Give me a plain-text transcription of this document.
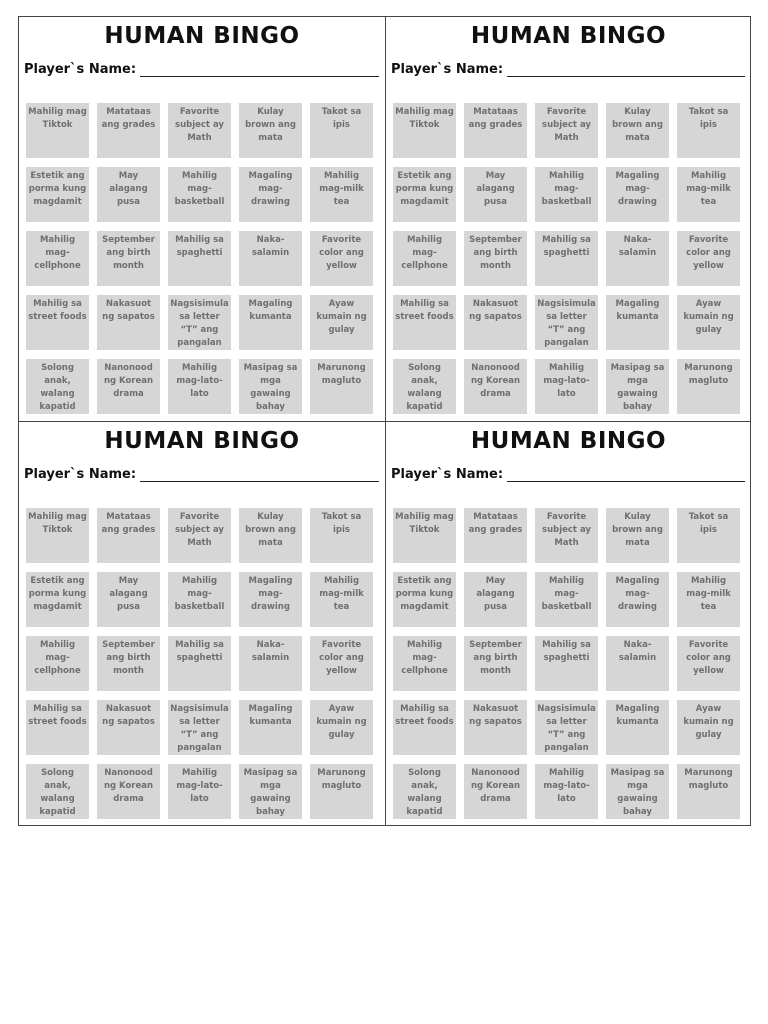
HUMAN BINGO
Player`s Name:
Mahilig mag Tiktok
Matataas ang grades
Favorite subject ay Math
Kulay brown ang mata
Takot sa ipis
Estetik ang porma kung magdamit
May alagang pusa
Mahilig mag-basketball
Magaling mag-drawing
Mahilig mag-milk tea
Mahilig mag-cellphone
September ang birth month
Mahilig sa spaghetti
Naka-salamin
Favorite color ang yellow
Mahilig sa street foods
Nakasuot ng sapatos
Nagsisimula sa letter “T” ang pangalan
Magaling kumanta
Ayaw kumain ng gulay
Solong anak, walang kapatid
Nanonood ng Korean drama
Mahilig mag-lato-lato
Masipag sa mga gawaing bahay
Marunong magluto
HUMAN BINGO
Player`s Name:
Mahilig mag Tiktok
Matataas ang grades
Favorite subject ay Math
Kulay brown ang mata
Takot sa ipis
Estetik ang porma kung magdamit
May alagang pusa
Mahilig mag-basketball
Magaling mag-drawing
Mahilig mag-milk tea
Mahilig mag-cellphone
September ang birth month
Mahilig sa spaghetti
Naka-salamin
Favorite color ang yellow
Mahilig sa street foods
Nakasuot ng sapatos
Nagsisimula sa letter “T” ang pangalan
Magaling kumanta
Ayaw kumain ng gulay
Solong anak, walang kapatid
Nanonood ng Korean drama
Mahilig mag-lato-lato
Masipag sa mga gawaing bahay
Marunong magluto
HUMAN BINGO
Player`s Name:
Mahilig mag Tiktok
Matataas ang grades
Favorite subject ay Math
Kulay brown ang mata
Takot sa ipis
Estetik ang porma kung magdamit
May alagang pusa
Mahilig mag-basketball
Magaling mag-drawing
Mahilig mag-milk tea
Mahilig mag-cellphone
September ang birth month
Mahilig sa spaghetti
Naka-salamin
Favorite color ang yellow
Mahilig sa street foods
Nakasuot ng sapatos
Nagsisimula sa letter “T” ang pangalan
Magaling kumanta
Ayaw kumain ng gulay
Solong anak, walang kapatid
Nanonood ng Korean drama
Mahilig mag-lato-lato
Masipag sa mga gawaing bahay
Marunong magluto
HUMAN BINGO
Player`s Name:
Mahilig mag Tiktok
Matataas ang grades
Favorite subject ay Math
Kulay brown ang mata
Takot sa ipis
Estetik ang porma kung magdamit
May alagang pusa
Mahilig mag-basketball
Magaling mag-drawing
Mahilig mag-milk tea
Mahilig mag-cellphone
September ang birth month
Mahilig sa spaghetti
Naka-salamin
Favorite color ang yellow
Mahilig sa street foods
Nakasuot ng sapatos
Nagsisimula sa letter “T” ang pangalan
Magaling kumanta
Ayaw kumain ng gulay
Solong anak, walang kapatid
Nanonood ng Korean drama
Mahilig mag-lato-lato
Masipag sa mga gawaing bahay
Marunong magluto
